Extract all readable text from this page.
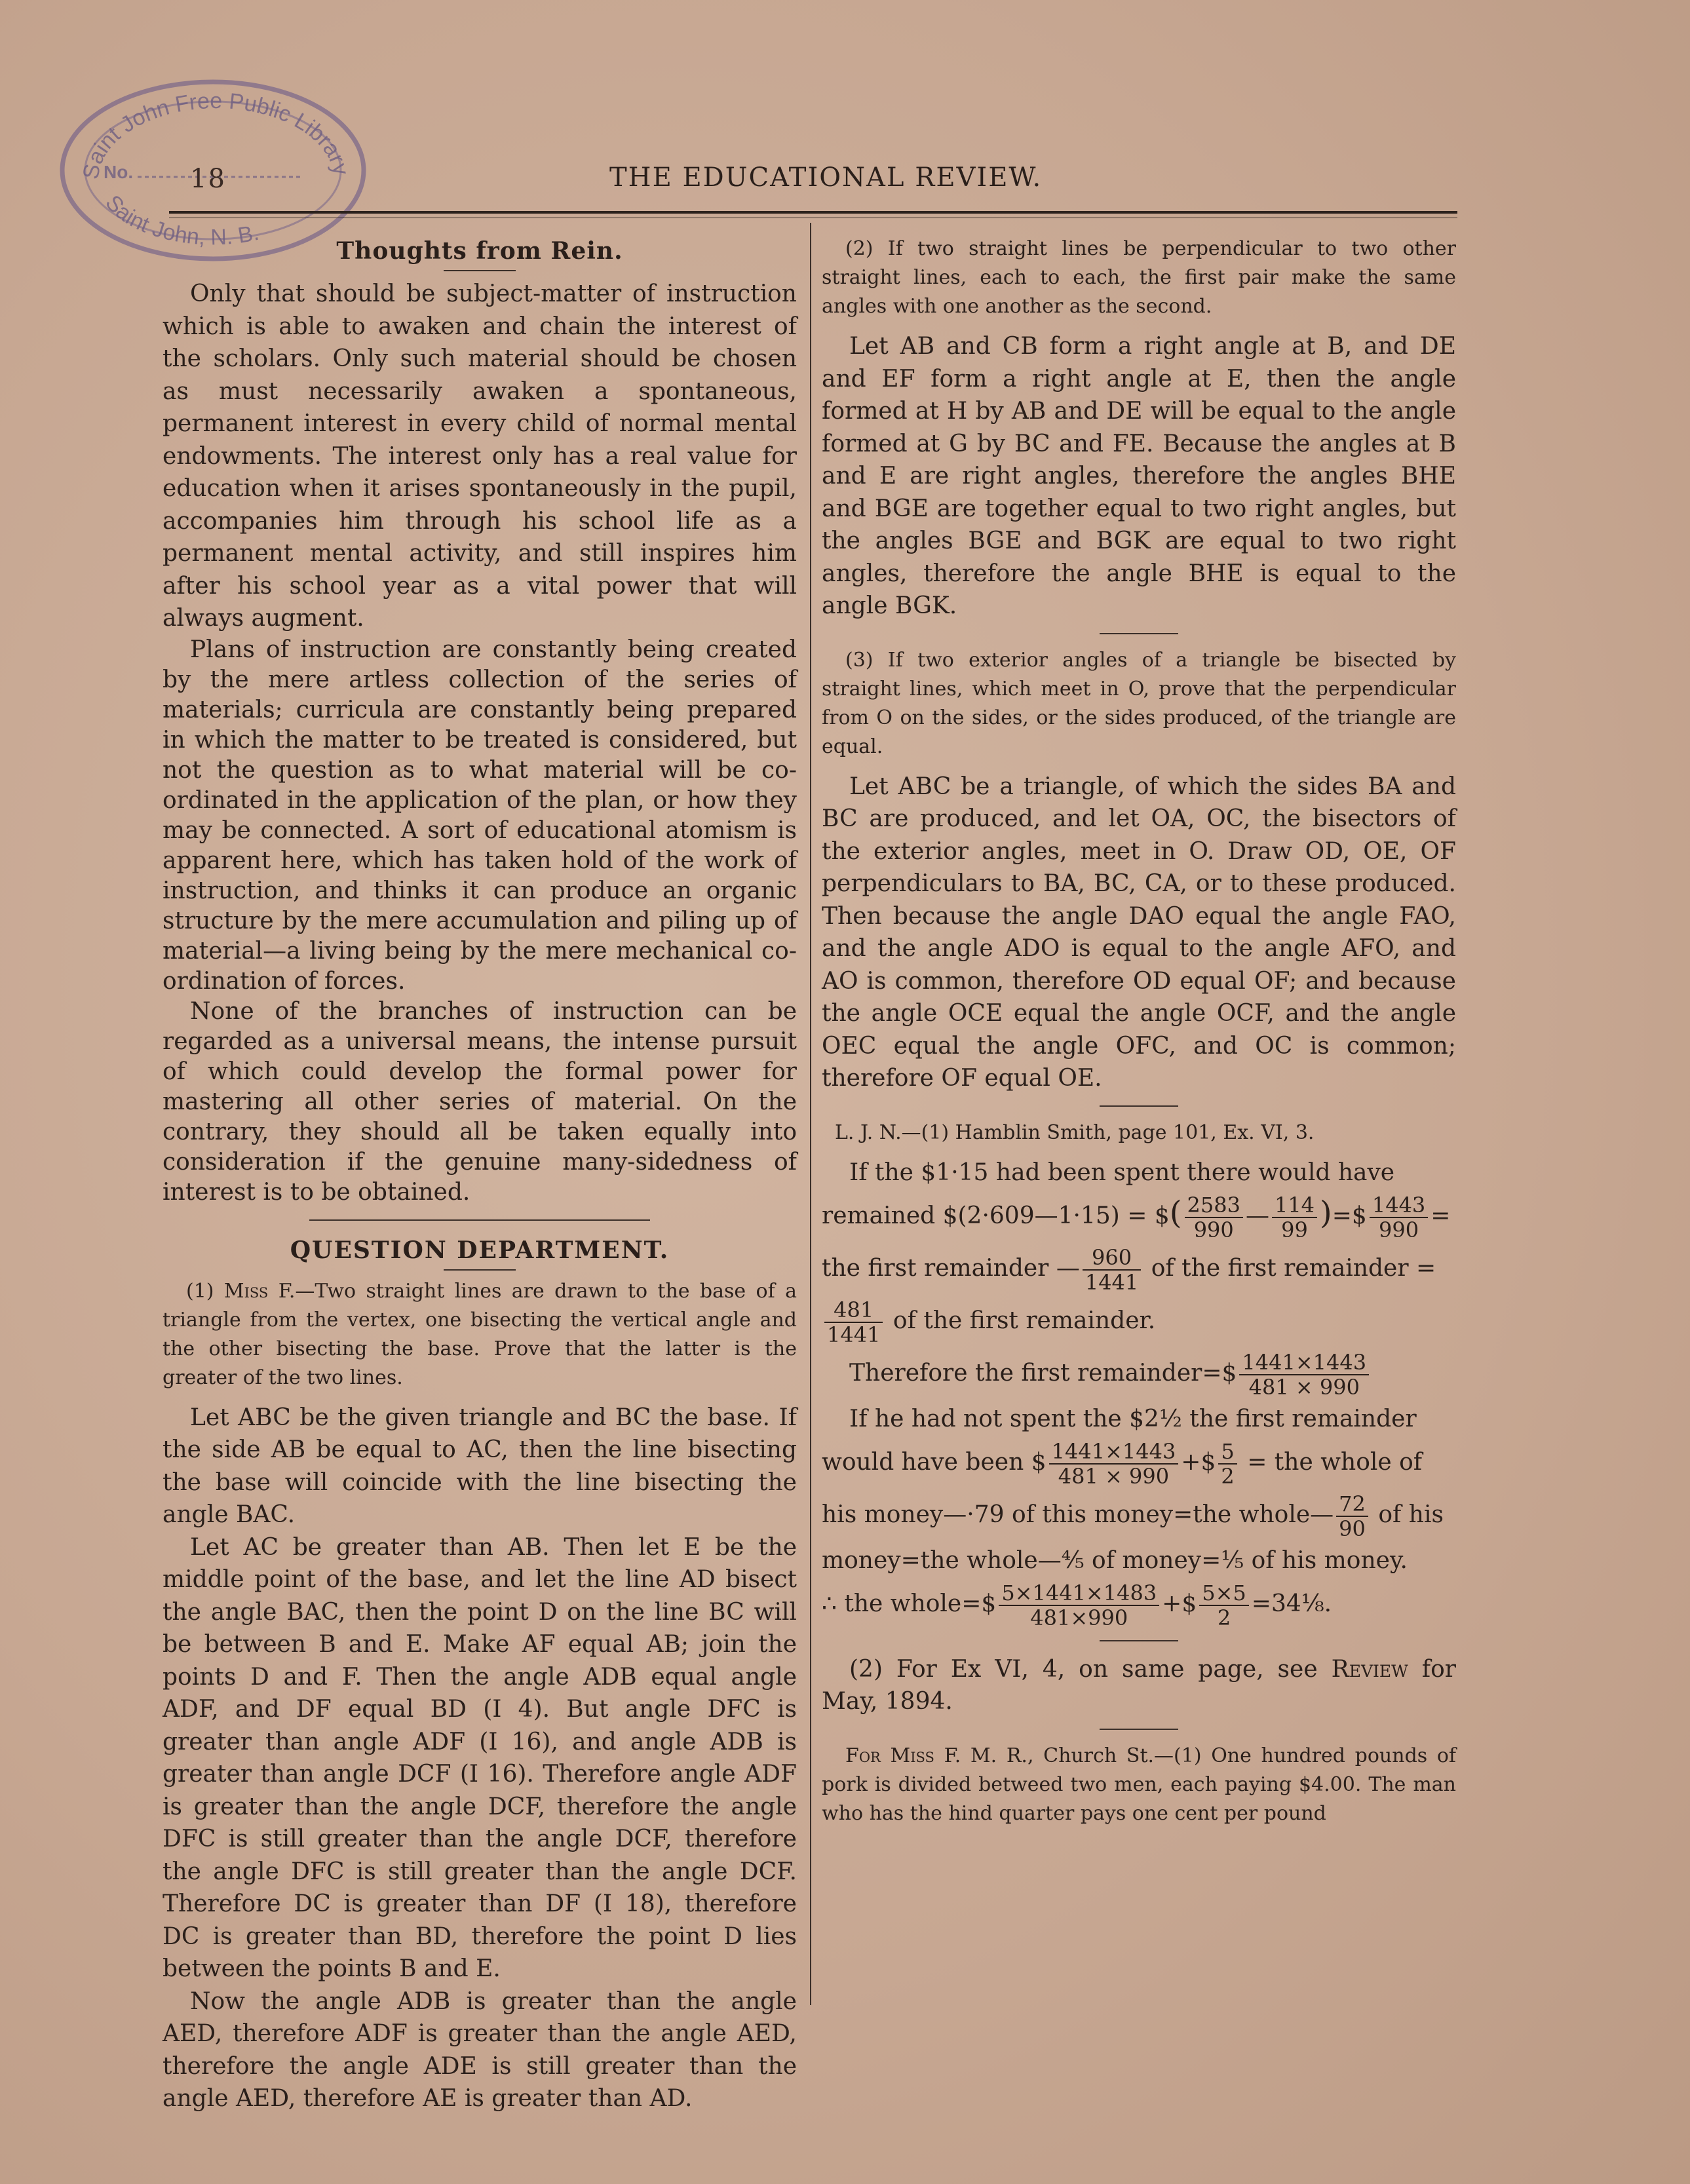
Saint John Free Public Library
Saint John, N. B.
No. 18	THE EDUCATIONAL REVIEW.
Thoughts from Rein.

Only that should be subject-matter of instruction which is able to awaken and chain the interest of the scholars. Only such material should be chosen as must necessarily awaken a spontaneous, permanent interest in every child of normal mental endowments. The interest only has a real value for education when it arises spontaneously in the pupil, accompanies him through his school life as a permanent mental activity, and still inspires him after his school year as a vital power that will always augment.

Plans of instruction are constantly being created by the mere artless collection of the series of materials; curricula are constantly being prepared in which the matter to be treated is considered, but not the question as to what material will be co-ordinated in the application of the plan, or how they may be connected. A sort of educational atomism is apparent here, which has taken hold of the work of instruction, and thinks it can produce an organic structure by the mere accumulation and piling up of material—a living being by the mere mechanical co-ordination of forces.

None of the branches of instruction can be regarded as a universal means, the intense pursuit of which could develop the formal power for mastering all other series of material. On the contrary, they should all be taken equally into consideration if the genuine many-sidedness of interest is to be obtained.

QUESTION DEPARTMENT.

(1) Miss F.—Two straight lines are drawn to the base of a triangle from the vertex, one bisecting the vertical angle and the other bisecting the base. Prove that the latter is the greater of the two lines.

Let ABC be the given triangle and BC the base. If the side AB be equal to AC, then the line bisecting the base will coincide with the line bisecting the angle BAC.

Let AC be greater than AB. Then let E be the middle point of the base, and let the line AD bisect the angle BAC, then the point D on the line BC will be between B and E. Make AF equal AB; join the points D and F. Then the angle ADB equal angle ADF, and DF equal BD (I 4). But angle DFC is greater than angle ADF (I 16), and angle ADB is greater than angle DCF (I 16). Therefore angle ADF is greater than the angle DCF, therefore the angle DFC is still greater than the angle DCF, therefore the angle DFC is still greater than the angle DCF. Therefore DC is greater than DF (I 18), therefore DC is greater than BD, therefore the point D lies between the points B and E.

Now the angle ADB is greater than the angle AED, therefore ADF is greater than the angle AED, therefore the angle ADE is still greater than the angle AED, therefore AE is greater than AD.

(2) If two straight lines be perpendicular to two other straight lines, each to each, the first pair make the same angles with one another as the second.

Let AB and CB form a right angle at B, and DE and EF form a right angle at E, then the angle formed at H by AB and DE will be equal to the angle formed at G by BC and FE. Because the angles at B and E are right angles, therefore the angles BHE and BGE are together equal to two right angles, but the angles BGE and BGK are equal to two right angles, therefore the angle BHE is equal to the angle BGK.

(3) If two exterior angles of a triangle be bisected by straight lines, which meet in O, prove that the perpendicular from O on the sides, or the sides produced, of the triangle are equal.

Let ABC be a triangle, of which the sides BA and BC are produced, and let OA, OC, the bisectors of the exterior angles, meet in O. Draw OD, OE, OF perpendiculars to BA, BC, CA, or to these produced. Then because the angle DAO equal the angle FAO, and the angle ADO is equal to the angle AFO, and AO is common, therefore OD equal OF; and because the angle OCE equal the angle OCF, and the angle OEC equal the angle OFC, and OC is common; therefore OF equal OE.

L. J. N.—(1) Hamblin Smith, page 101, Ex. VI, 3.

If the $1·15 had been spent there would have
remained $(2·609—1·15) = $( $\frac{2583}{990}$ — $\frac{114}{99}$ )=$ $\frac{1443}{990}$ =
the first remainder — $\frac{960}{1441}$ of the first remainder =
$\frac{481}{1441}$ of the first remainder.
Therefore the first remainder=$ $\frac{1441\times 1443}{481 \times 990}$
If he had not spent the $2½ the first remainder
would have been $ $\frac{1441\times 1443}{481 \times 990}$ +$ $\frac{5}{2}$ = the whole of
his money—·79 of this money=the whole— $\frac{72}{90}$ of his
money=the whole—⅘ of money=⅕ of his money.
∴ the whole=$ $\frac{5\times 1441\times 1483}{481\times 990}$ +$ $\frac{5\times 5}{2}$ =34⅛.

(2) For Ex VI, 4, on same page, see Review for May, 1894.

For Miss F. M. R., Church St.—(1) One hundred pounds of pork is divided betweed two men, each paying $4.00. The man who has the hind quarter pays one cent per pound
